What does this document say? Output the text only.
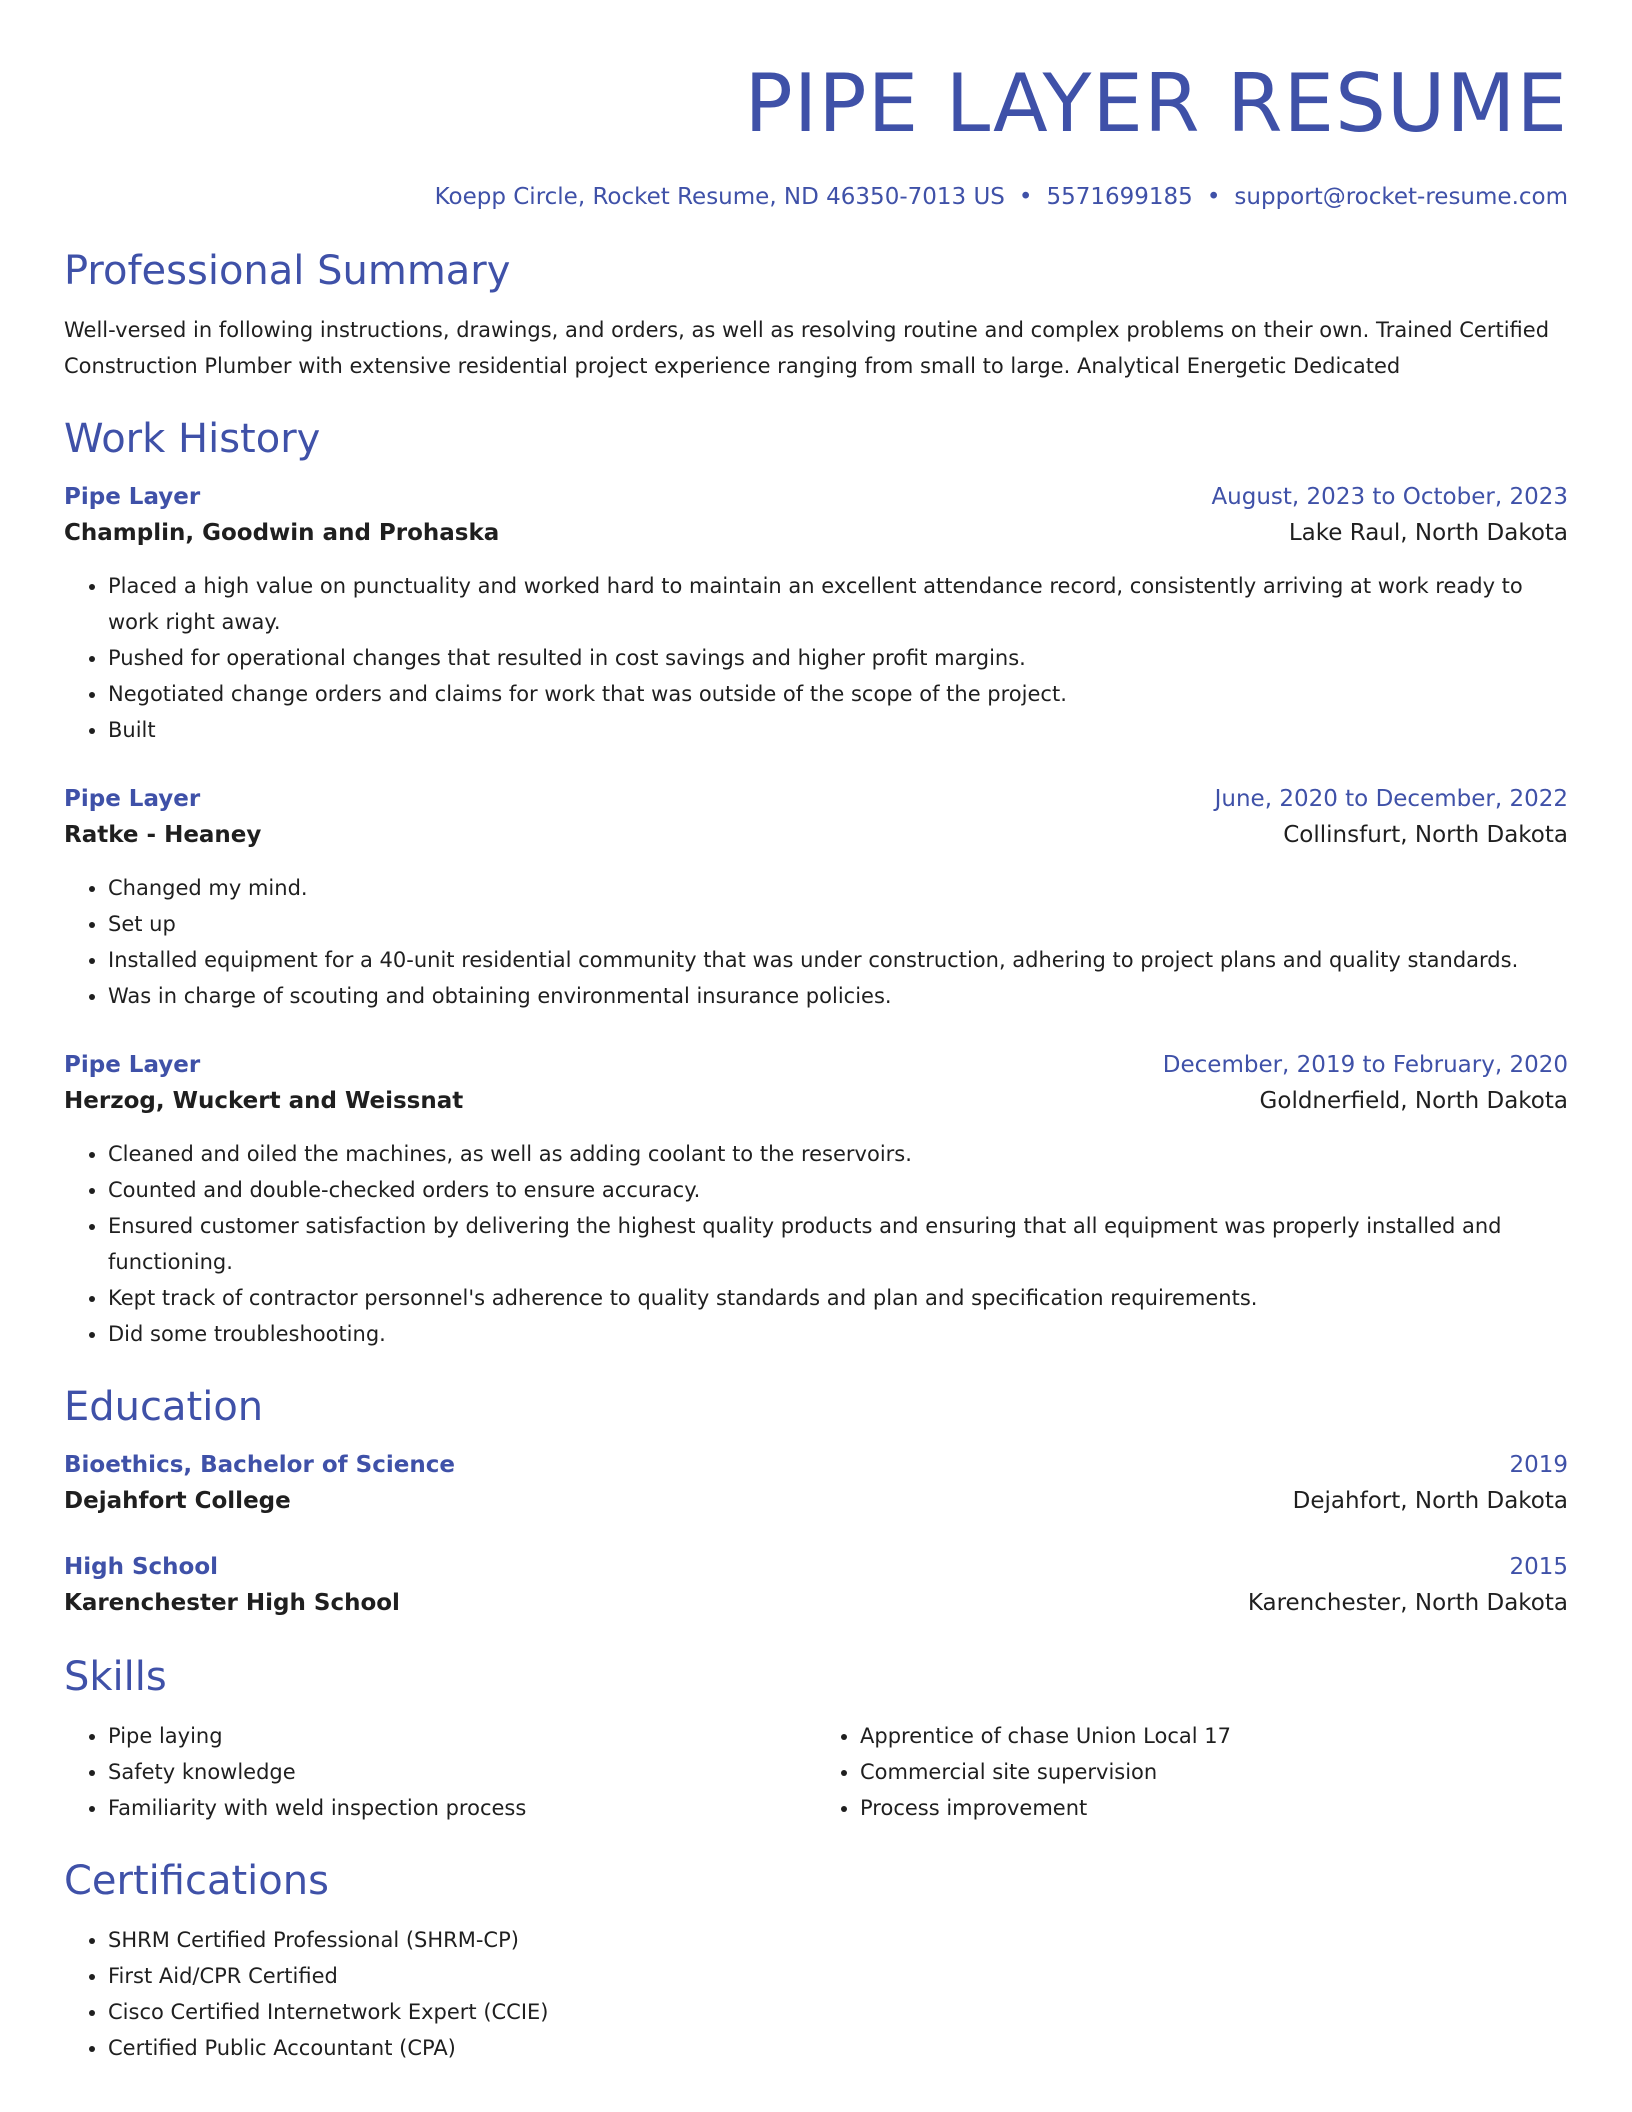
PIPE LAYER RESUME
Koepp Circle, Rocket Resume, ND 46350-7013 US • 5571699185 • support@rocket-resume.com
Professional Summary
Well-versed in following instructions, drawings, and orders, as well as resolving routine and complex problems on their own. Trained Certified Construction Plumber with extensive residential project experience ranging from small to large. Analytical Energetic Dedicated
Work History
Pipe Layer	August, 2023 to October, 2023
Champlin, Goodwin and Prohaska	Lake Raul, North Dakota
• Placed a high value on punctuality and worked hard to maintain an excellent attendance record, consistently arriving at work ready to work right away.
• Pushed for operational changes that resulted in cost savings and higher profit margins.
• Negotiated change orders and claims for work that was outside of the scope of the project.
• Built
Pipe Layer	June, 2020 to December, 2022
Ratke - Heaney	Collinsfurt, North Dakota
• Changed my mind.
• Set up
• Installed equipment for a 40-unit residential community that was under construction, adhering to project plans and quality standards.
• Was in charge of scouting and obtaining environmental insurance policies.
Pipe Layer	December, 2019 to February, 2020
Herzog, Wuckert and Weissnat	Goldnerfield, North Dakota
• Cleaned and oiled the machines, as well as adding coolant to the reservoirs.
• Counted and double-checked orders to ensure accuracy.
• Ensured customer satisfaction by delivering the highest quality products and ensuring that all equipment was properly installed and functioning.
• Kept track of contractor personnel's adherence to quality standards and plan and specification requirements.
• Did some troubleshooting.
Education
Bioethics, Bachelor of Science	2019
Dejahfort College	Dejahfort, North Dakota
High School	2015
Karenchester High School	Karenchester, North Dakota
Skills
• Pipe laying
• Safety knowledge
• Familiarity with weld inspection process
• Apprentice of chase Union Local 17
• Commercial site supervision
• Process improvement
Certifications
• SHRM Certified Professional (SHRM-CP)
• First Aid/CPR Certified
• Cisco Certified Internetwork Expert (CCIE)
• Certified Public Accountant (CPA)
